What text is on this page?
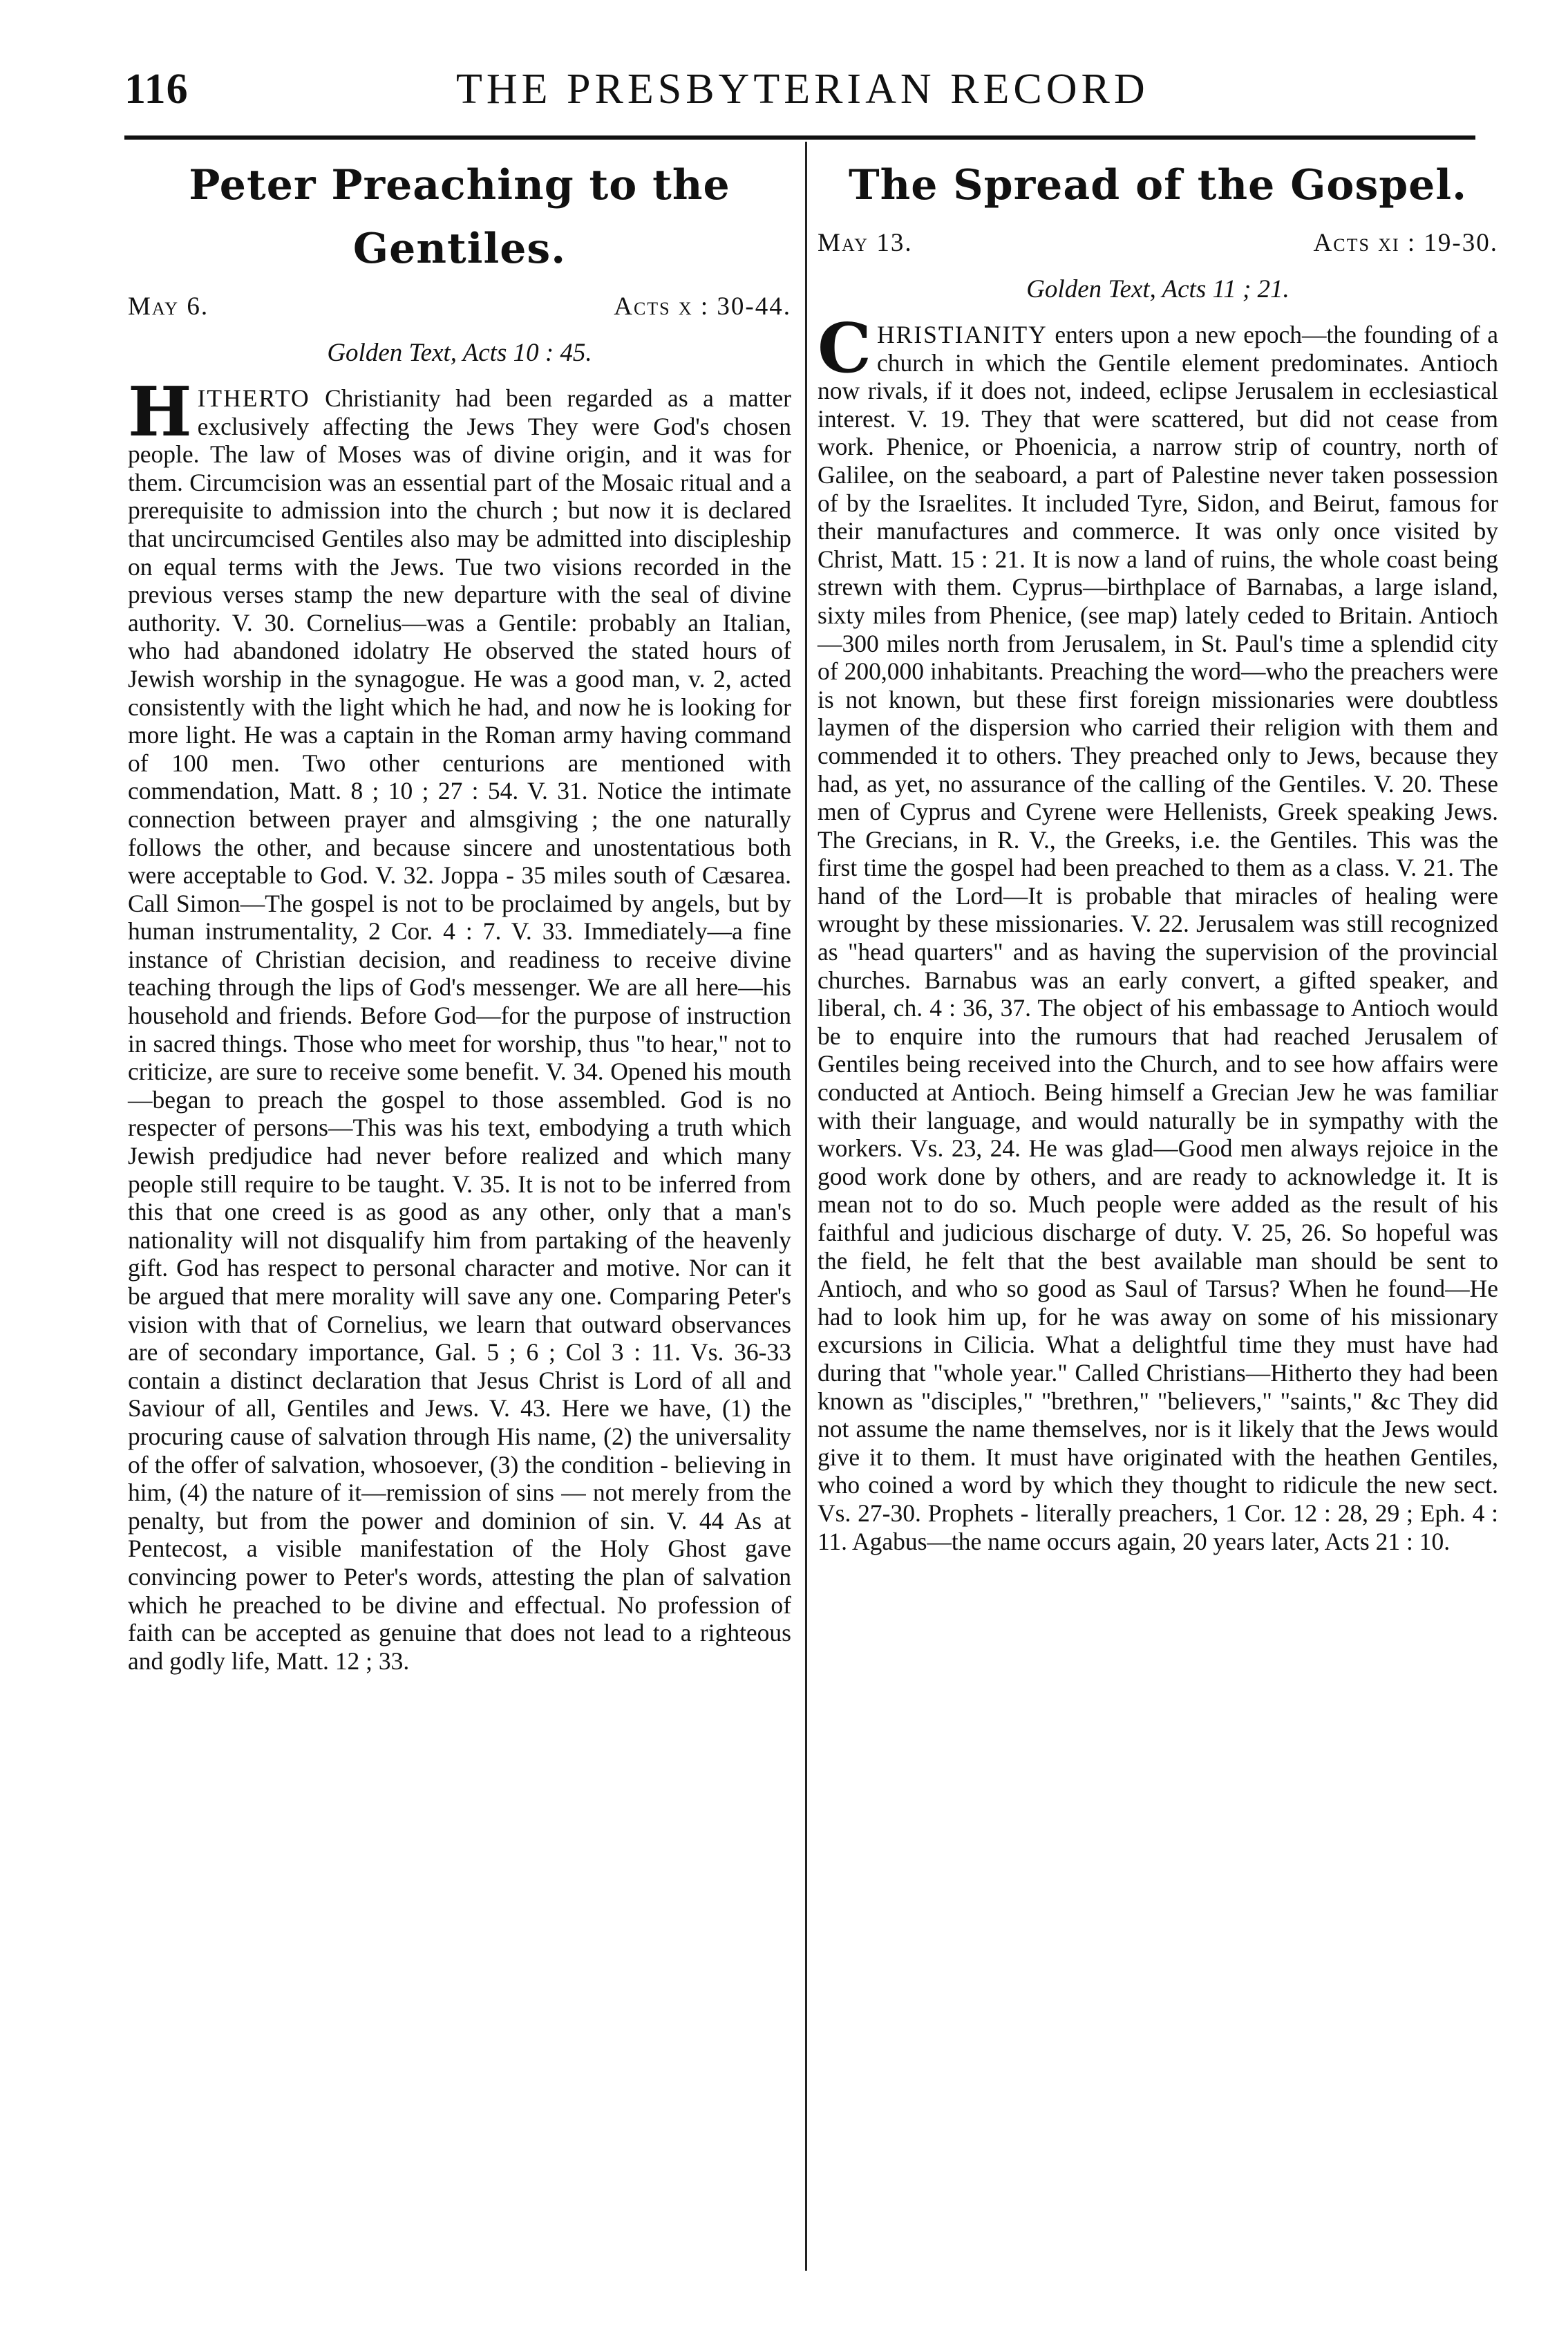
116	THE PRESBYTERIAN RECORD
Peter Preaching to the Gentiles.
May 6.	Acts x : 30-44.
Golden Text, Acts 10 : 45.
HITHERTO Christianity had been regarded as a matter exclusively affecting the Jews They were God's chosen people. The law of Moses was of divine origin, and it was for them. Circumcision was an essential part of the Mosaic ritual and a prerequisite to admission into the church ; but now it is declared that uncircumcised Gentiles also may be admitted into discipleship on equal terms with the Jews. Tue two visions recorded in the previous verses stamp the new departure with the seal of divine authority. V. 30. Cornelius—was a Gentile: probably an Italian, who had abandoned idolatry He observed the stated hours of Jewish worship in the synagogue. He was a good man, v. 2, acted consistently with the light which he had, and now he is looking for more light. He was a captain in the Roman army having command of 100 men. Two other centurions are mentioned with commendation, Matt. 8 ; 10 ; 27 : 54. V. 31. Notice the intimate connection between prayer and almsgiving ; the one naturally follows the other, and because sincere and unostentatious both were acceptable to God. V. 32. Joppa - 35 miles south of Cæsarea. Call Simon—The gospel is not to be proclaimed by angels, but by human instrumentality, 2 Cor. 4 : 7. V. 33. Immediately—a fine instance of Christian decision, and readiness to receive divine teaching through the lips of God's messenger. We are all here—his household and friends. Before God—for the purpose of instruction in sacred things. Those who meet for worship, thus "to hear," not to criticize, are sure to receive some benefit. V. 34. Opened his mouth—began to preach the gospel to those assembled. God is no respecter of persons—This was his text, embodying a truth which Jewish predjudice had never before realized and which many people still require to be taught. V. 35. It is not to be inferred from this that one creed is as good as any other, only that a man's nationality will not disqualify him from partaking of the heavenly gift. God has respect to personal character and motive. Nor can it be argued that mere morality will save any one. Comparing Peter's vision with that of Cornelius, we learn that outward observances are of secondary importance, Gal. 5 ; 6 ; Col 3 : 11. Vs. 36-33 contain a distinct declaration that Jesus Christ is Lord of all and Saviour of all, Gentiles and Jews. V. 43. Here we have, (1) the procuring cause of salvation through His name, (2) the universality of the offer of salvation, whosoever, (3) the condition - believing in him, (4) the nature of it—remission of sins — not merely from the penalty, but from the power and dominion of sin. V. 44 As at Pentecost, a visible manifestation of the Holy Ghost gave convincing power to Peter's words, attesting the plan of salvation which he preached to be divine and effectual. No profession of faith can be accepted as genuine that does not lead to a righteous and godly life, Matt. 12 ; 33.
The Spread of the Gospel.
May 13.	Acts xi : 19-30.
Golden Text, Acts 11 ; 21.
CHRISTIANITY enters upon a new epoch—the founding of a church in which the Gentile element predominates. Antioch now rivals, if it does not, indeed, eclipse Jerusalem in ecclesiastical interest. V. 19. They that were scattered, but did not cease from work. Phenice, or Phoenicia, a narrow strip of country, north of Galilee, on the seaboard, a part of Palestine never taken possession of by the Israelites. It included Tyre, Sidon, and Beirut, famous for their manufactures and commerce. It was only once visited by Christ, Matt. 15 : 21. It is now a land of ruins, the whole coast being strewn with them. Cyprus—birthplace of Barnabas, a large island, sixty miles from Phenice, (see map) lately ceded to Britain. Antioch—300 miles north from Jerusalem, in St. Paul's time a splendid city of 200,000 inhabitants. Preaching the word—who the preachers were is not known, but these first foreign missionaries were doubtless laymen of the dispersion who carried their religion with them and commended it to others. They preached only to Jews, because they had, as yet, no assurance of the calling of the Gentiles. V. 20. These men of Cyprus and Cyrene were Hellenists, Greek speaking Jews. The Grecians, in R. V., the Greeks, i.e. the Gentiles. This was the first time the gospel had been preached to them as a class. V. 21. The hand of the Lord—It is probable that miracles of healing were wrought by these missionaries. V. 22. Jerusalem was still recognized as "head quarters" and as having the supervision of the provincial churches. Barnabus was an early convert, a gifted speaker, and liberal, ch. 4 : 36, 37. The object of his embassage to Antioch would be to enquire into the rumours that had reached Jerusalem of Gentiles being received into the Church, and to see how affairs were conducted at Antioch. Being himself a Grecian Jew he was familiar with their language, and would naturally be in sympathy with the workers. Vs. 23, 24. He was glad—Good men always rejoice in the good work done by others, and are ready to acknowledge it. It is mean not to do so. Much people were added as the result of his faithful and judicious discharge of duty. V. 25, 26. So hopeful was the field, he felt that the best available man should be sent to Antioch, and who so good as Saul of Tarsus? When he found—He had to look him up, for he was away on some of his missionary excursions in Cilicia. What a delightful time they must have had during that "whole year." Called Christians—Hitherto they had been known as "disciples," "brethren," "believers," "saints," &c They did not assume the name themselves, nor is it likely that the Jews would give it to them. It must have originated with the heathen Gentiles, who coined a word by which they thought to ridicule the new sect. Vs. 27-30. Prophets - literally preachers, 1 Cor. 12 : 28, 29 ; Eph. 4 : 11. Agabus—the name occurs again, 20 years later, Acts 21 : 10.
